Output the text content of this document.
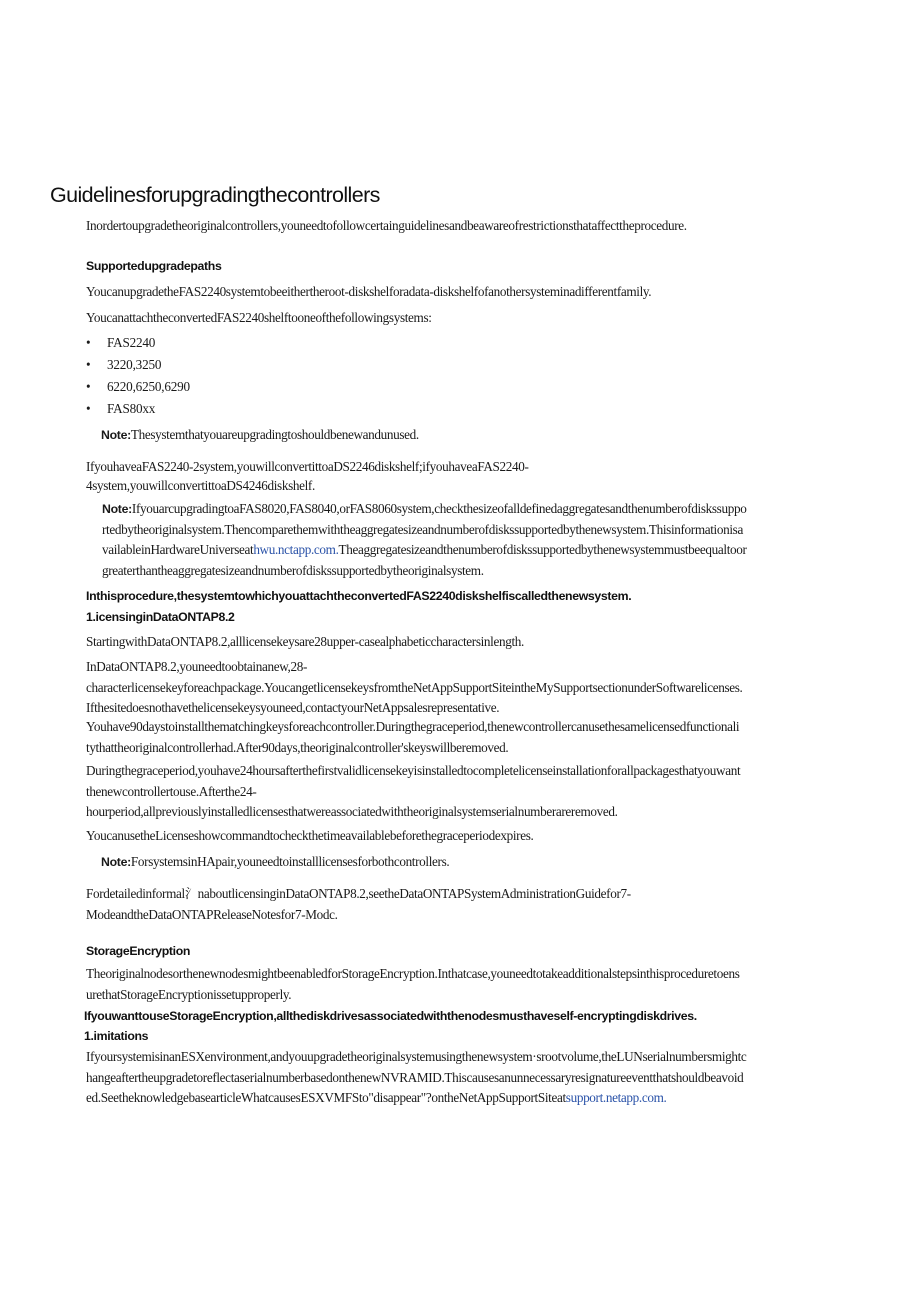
Guidelinesforupgradingthecontrollers

Inordertoupgradetheoriginalcontrollers,youneedtofollowcertainguidelinesandbeawareofrestrictionsthataffecttheprocedure.

Supportedupgradepaths

YoucanupgradetheFAS2240systemtobeeithertheroot-diskshelforadata-diskshelfofanothersysteminadifferentfamily.

YoucanattachtheconvertedFAS2240shelftooneofthefollowingsystems:

• FAS2240
• 3220,3250
• 6220,6250,6290
• FAS80xx

Note:Thesystemthatyouareupgradingtoshouldbenewandunused.

IfyouhaveaFAS2240-2system,youwillconvertittoaDS2246diskshelf;ifyouhaveaFAS2240-
4system,youwillconvertittoaDS4246diskshelf.

Note:IfyouarcupgradingtoaFAS8020,FAS8040,orFAS8060system,checkthesizeofalldefinedaggregatesandthenumberofdiskssuppo
rtedbytheoriginalsystem.Thencomparethemwiththeaggregatesizeandnumberofdiskssupportedbythenewsystem.Thisinformationisa
vailableinHardwareUniverseathwu.nctapp.com.Theaggregatesizeandthenumberofdiskssupportedbythenewsystemmustbeequaltoor
greaterthantheaggregatesizeandnumberofdiskssupportedbytheoriginalsystem.

Inthisprocedure,thesystemtowhichyouattachtheconvertedFAS2240diskshelfiscalledthenewsystem.
1.icensinginDataONTAP8.2

StartingwithDataONTAP8.2,alllicensekeysare28upper-casealphabeticcharactersinlength.

InDataONTAP8.2,youneedtoobtainanew,28-
characterlicensekeyforeachpackage.YoucangetlicensekeysfromtheNetAppSupportSiteintheMySupportsectionunderSoftwarelicenses.
Ifthesitedoesnothavethelicensekeysyouneed,contactyourNetAppsalesrepresentative.

Youhave90daystoinstallthematchingkeysforeachcontroller.Duringthegraceperiod,thenewcontrollercanusethesamelicensedfunctionali
tythattheoriginalcontrollerhad.After90days,theoriginalcontroller'skeyswillberemoved.

Duringthegraceperiod,youhave24hoursafterthefirstvalidlicensekeyisinstalledtocompletelicenseinstallationforallpackagesthatyouwant
thenewcontrollertouse.Afterthe24-
hourperiod,allpreviouslyinstalledlicensesthatwereassociatedwiththeoriginalsystemserialnumberareremoved.

YoucanusetheLicenseshowcommandtocheckthetimeavailablebeforethegraceperiodexpires.

Note:ForsystemsinHApair,youneedtoinstalllicensesforbothcontrollers.

Fordetailedinformal氵naboutlicensinginDataONTAP8.2,seetheDataONTAPSystemAdministrationGuidefor7-
ModeandtheDataONTAPReleaseNotesfor7-Modc.

StorageEncryption

TheoriginalnodesorthenewnodesmightbeenabledforStorageEncryption.Inthatcase,youneedtotakeadditionalstepsinthisproceduretoens
urethatStorageEncryptionissetupproperly.

IfyouwanttouseStorageEncryption,allthediskdrivesassociatedwiththenodesmusthaveself-encryptingdiskdrives.
1.imitations

IfyoursystemisinanESXenvironment,andyouupgradetheoriginalsystemusingthenewsystem·srootvolume,theLUNserialnumbersmightc
hangeaftertheupgradetoreflectaserialnumberbasedonthenewNVRAMID.Thiscausesanunnecessaryresignatureeventthatshouldbeavoid
ed.SeetheknowledgebasearticleWhatcausesESXVMFSto"disappear"?ontheNetAppSupportSiteatsupport.netapp.com.
